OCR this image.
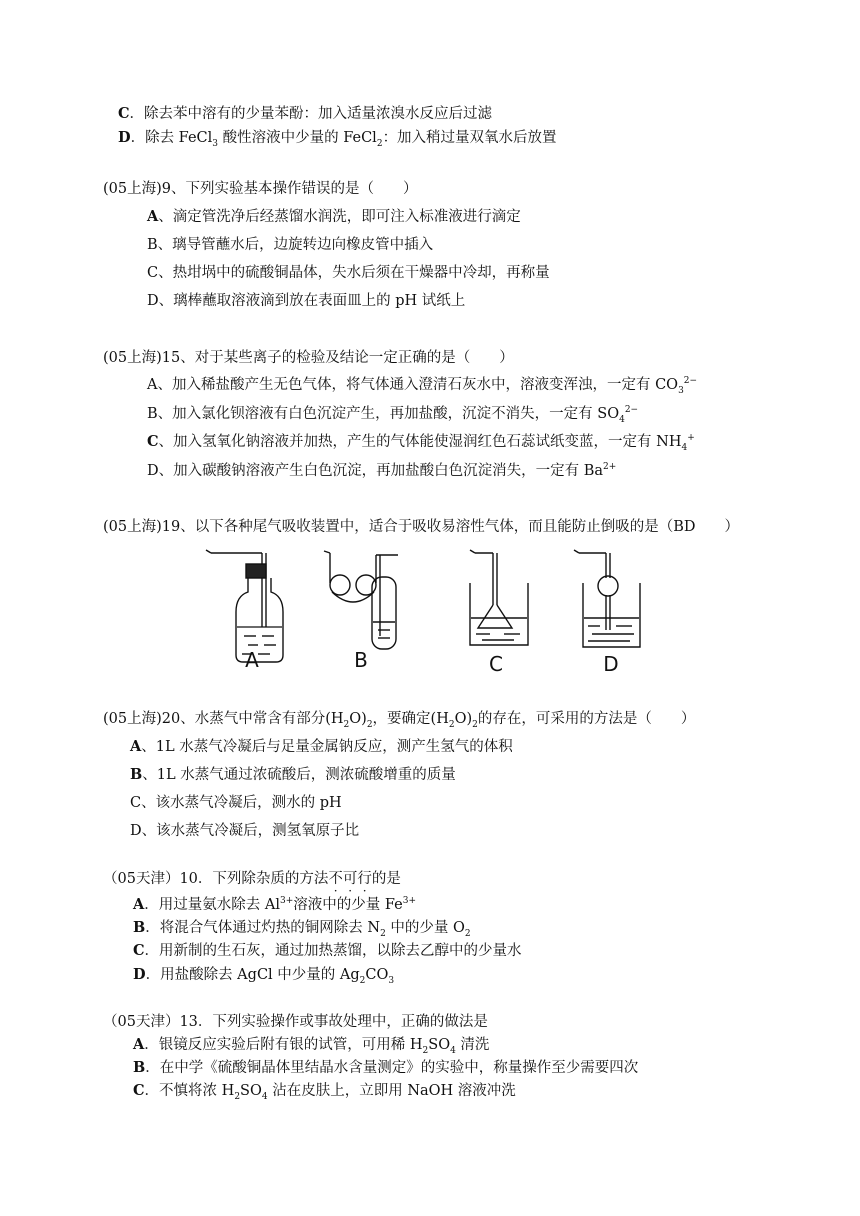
C．除去苯中溶有的少量苯酚：加入适量浓溴水反应后过滤
D．除去 FeCl$_3$ 酸性溶液中少量的 FeCl$_2$：加入稍过量双氧水后放置
(05上海)9、下列实验基本操作错误的是（　　）
A、滴定管洗净后经蒸馏水润洗，即可注入标准液进行滴定
B、璃导管蘸水后，边旋转边向橡皮管中插入
C、热坩埚中的硫酸铜晶体，失水后须在干燥器中冷却，再称量
D、璃棒蘸取溶液滴到放在表面皿上的 pH 试纸上
(05上海)15、对于某些离子的检验及结论一定正确的是（　　）
A、加入稀盐酸产生无色气体，将气体通入澄清石灰水中，溶液变浑浊，一定有 $CO_3^{2-}$
B、加入氯化钡溶液有白色沉淀产生，再加盐酸，沉淀不消失，一定有 $SO_4^{2-}$
C、加入氢氧化钠溶液并加热，产生的气体能使湿润红色石蕊试纸变蓝，一定有 $NH_4^+$
D、加入碳酸钠溶液产生白色沉淀，再加盐酸白色沉淀消失，一定有 $Ba^{2+}$
(05上海)19、以下各种尾气吸收装置中，适合于吸收易溶性气体，而且能防止倒吸的是（BD　　）
A	B	C	D
(05上海)20、水蒸气中常含有部分$(H_2O)_2$，要确定$(H_2O)_2$的存在，可采用的方法是（　　）
A、1L 水蒸气冷凝后与足量金属钠反应，测产生氢气的体积
B、1L 水蒸气通过浓硫酸后，测浓硫酸增重的质量
C、该水蒸气冷凝后，测水的 pH
D、该水蒸气冷凝后，测氢氧原子比
（05天津）10．下列除杂质的方法不可行的是
A．用过量氨水除去 $Al^{3+}$溶液中的少量 $Fe^{3+}$
B．将混合气体通过灼热的铜网除去 $N_2$ 中的少量 $O_2$
C．用新制的生石灰，通过加热蒸馏，以除去乙醇中的少量水
D．用盐酸除去 AgCl 中少量的 $Ag_2CO_3$
（05天津）13．下列实验操作或事故处理中，正确的做法是
A．银镜反应实验后附有银的试管，可用稀 $H_2SO_4$ 清洗
B．在中学《硫酸铜晶体里结晶水含量测定》的实验中，称量操作至少需要四次
C．不慎将浓 $H_2SO_4$ 沾在皮肤上，立即用 NaOH 溶液冲洗
